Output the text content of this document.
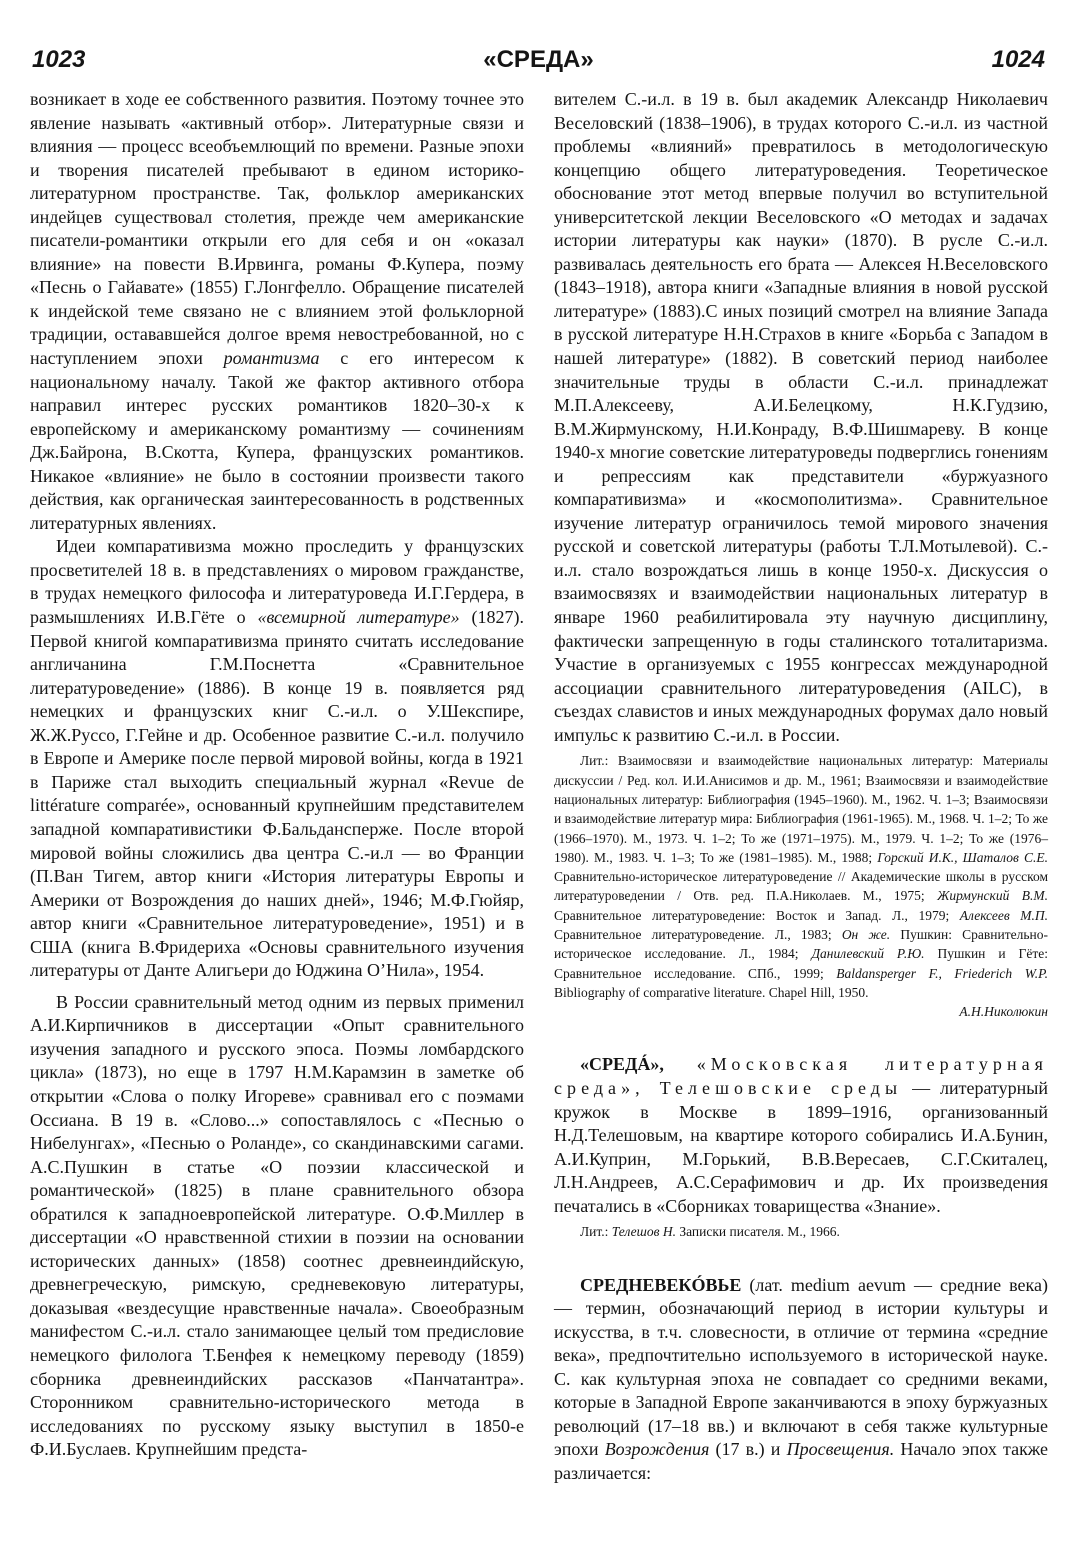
1023	«СРЕДА»	1024

возникает в ходе ее собственного развития. Поэтому точнее это явление называть «активный отбор». Литературные связи и влияния — процесс всеобъемлющий по времени. Разные эпохи и творения писателей пребывают в едином историко-литературном пространстве. Так, фольклор американских индейцев существовал столетия, прежде чем американские писатели-романтики открыли его для себя и он «оказал влияние» на повести В.Ирвинга, романы Ф.Купера, поэму «Песнь о Гайавате» (1855) Г.Лонгфелло. Обращение писателей к индейской теме связано не с влиянием этой фольклорной традиции, остававшейся долгое время невостребованной, но с наступлением эпохи романтизма с его интересом к национальному началу. Такой же фактор активного отбора направил интерес русских романтиков 1820–30-х к европейскому и американскому романтизму — сочинениям Дж.Байрона, В.Скотта, Купера, французских романтиков. Никакое «влияние» не было в состоянии произвести такого действия, как органическая заинтересованность в родственных литературных явлениях.

Идеи компаративизма можно проследить у французских просветителей 18 в. в представлениях о мировом гражданстве, в трудах немецкого философа и литературоведа И.Г.Гердера, в размышлениях И.В.Гёте о «всемирной литературе» (1827). Первой книгой компаративизма принято считать исследование англичанина Г.М.Поснетта «Сравнительное литературоведение» (1886). В конце 19 в. появляется ряд немецких и французских книг С.-и.л. о У.Шекспире, Ж.Ж.Руссо, Г.Гейне и др. Особенное развитие С.-и.л. получило в Европе и Америке после первой мировой войны, когда в 1921 в Париже стал выходить специальный журнал «Revue de littérature comparée», основанный крупнейшим представителем западной компаративистики Ф.Бальдансперже. После второй мировой войны сложились два центра С.-и.л — во Франции (П.Ван Тигем, автор книги «История литературы Европы и Америки от Возрождения до наших дней», 1946; М.Ф.Гюйяр, автор книги «Сравнительное литературоведение», 1951) и в США (книга В.Фридериха «Основы сравнительного изучения литературы от Данте Алигьери до Юджина О’Нила», 1954.

В России сравнительный метод одним из первых применил А.И.Кирпичников в диссертации «Опыт сравнительного изучения западного и русского эпоса. Поэмы ломбардского цикла» (1873), но еще в 1797 Н.М.Карамзин в заметке об открытии «Слова о полку Игореве» сравнивал его с поэмами Оссиана. В 19 в. «Слово...» сопоставлялось с «Песнью о Нибелунгах», «Песнью о Роланде», со скандинавскими сагами. А.С.Пушкин в статье «О поэзии классической и романтической» (1825) в плане сравнительного обзора обратился к западноевропейской литературе. О.Ф.Миллер в диссертации «О нравственной стихии в поэзии на основании исторических данных» (1858) соотнес древнеиндийскую, древнегреческую, римскую, средневековую литературы, доказывая «вездесущие нравственные начала». Своеобразным манифестом С.-и.л. стало занимающее целый том предисловие немецкого филолога Т.Бенфея к немецкому переводу (1859) сборника древнеиндийских рассказов «Панчатантра». Сторонником сравнительно-исторического метода в исследованиях по русскому языку выступил в 1850-е Ф.И.Буслаев. Крупнейшим предста-

вителем С.-и.л. в 19 в. был академик Александр Николаевич Веселовский (1838–1906), в трудах которого С.-и.л. из частной проблемы «влияний» превратилось в методологическую концепцию общего литературоведения. Теоретическое обоснование этот метод впервые получил во вступительной университетской лекции Веселовского «О методах и задачах истории литературы как науки» (1870). В русле С.-и.л. развивалась деятельность его брата — Алексея Н.Веселовского (1843–1918), автора книги «Западные влияния в новой русской литературе» (1883).С иных позиций смотрел на влияние Запада в русской литературе Н.Н.Страхов в книге «Борьба с Западом в нашей литературе» (1882). В советский период наиболее значительные труды в области С.-и.л. принадлежат М.П.Алексееву, А.И.Белецкому, Н.К.Гудзию, В.М.Жирмунскому, Н.И.Конраду, В.Ф.Шишмареву. В конце 1940-х многие советские литературоведы подверглись гонениям и репрессиям как представители «буржуазного компаративизма» и «космополитизма». Сравнительное изучение литератур ограничилось темой мирового значения русской и советской литературы (работы Т.Л.Мотылевой). С.-и.л. стало возрождаться лишь в конце 1950-х. Дискуссия о взаимосвязях и взаимодействии национальных литератур в январе 1960 реабилитировала эту научную дисциплину, фактически запрещенную в годы сталинского тоталитаризма. Участие в организуемых с 1955 конгрессах международной ассоциации сравнительного литературоведения (AILC), в съездах славистов и иных международных форумах дало новый импульс к развитию С.-и.л. в России.

Лит.: Взаимосвязи и взаимодействие национальных литератур: Материалы дискуссии / Ред. кол. И.И.Анисимов и др. М., 1961; Взаимосвязи и взаимодействие национальных литератур: Библиография (1945–1960). М., 1962. Ч. 1–3; Взаимосвязи и взаимодействие литератур мира: Библиография (1961-1965). М., 1968. Ч. 1–2; То же (1966–1970). М., 1973. Ч. 1–2; То же (1971–1975). М., 1979. Ч. 1–2; То же (1976–1980). М., 1983. Ч. 1–3; То же (1981–1985). М., 1988; Горский И.К., Шаталов С.Е. Сравнительно-историческое литературоведение // Академические школы в русском литературоведении / Отв. ред. П.А.Николаев. М., 1975; Жирмунский В.М. Сравнительное литературоведение: Восток и Запад. Л., 1979; Алексеев М.П. Сравнительное литературоведение. Л., 1983; Он же. Пушкин: Сравнительно-историческое исследование. Л., 1984; Данилевский Р.Ю. Пушкин и Гёте: Сравнительное исследование. СПб., 1999; Baldansperger F., Friederich W.P. Bibliography of comparative literature. Chapel Hill, 1950.
А.Н.Николюкин

«СРЕДÁ», «Московская литературная среда», Телешовские среды — литературный кружок в Москве в 1899–1916, организованный Н.Д.Телешовым, на квартире которого собирались И.А.Бунин, А.И.Куприн, М.Горький, В.В.Вересаев, С.Г.Скиталец, Л.Н.Андреев, А.С.Серафимович и др. Их произведения печатались в «Сборниках товарищества «Знание».

Лит.: Телешов Н. Записки писателя. М., 1966.

СРЕДНЕВЕКÓВЬЕ (лат. medium aevum — средние века) — термин, обозначающий период в истории культуры и искусства, в т.ч. словесности, в отличие от термина «средние века», предпочтительно используемого в исторической науке. С. как культурная эпоха не совпадает со средними веками, которые в Западной Европе заканчиваются в эпоху буржуазных революций (17–18 вв.) и включают в себя также культурные эпохи Возрождения (17 в.) и Просвещения. Начало эпох также различается:
